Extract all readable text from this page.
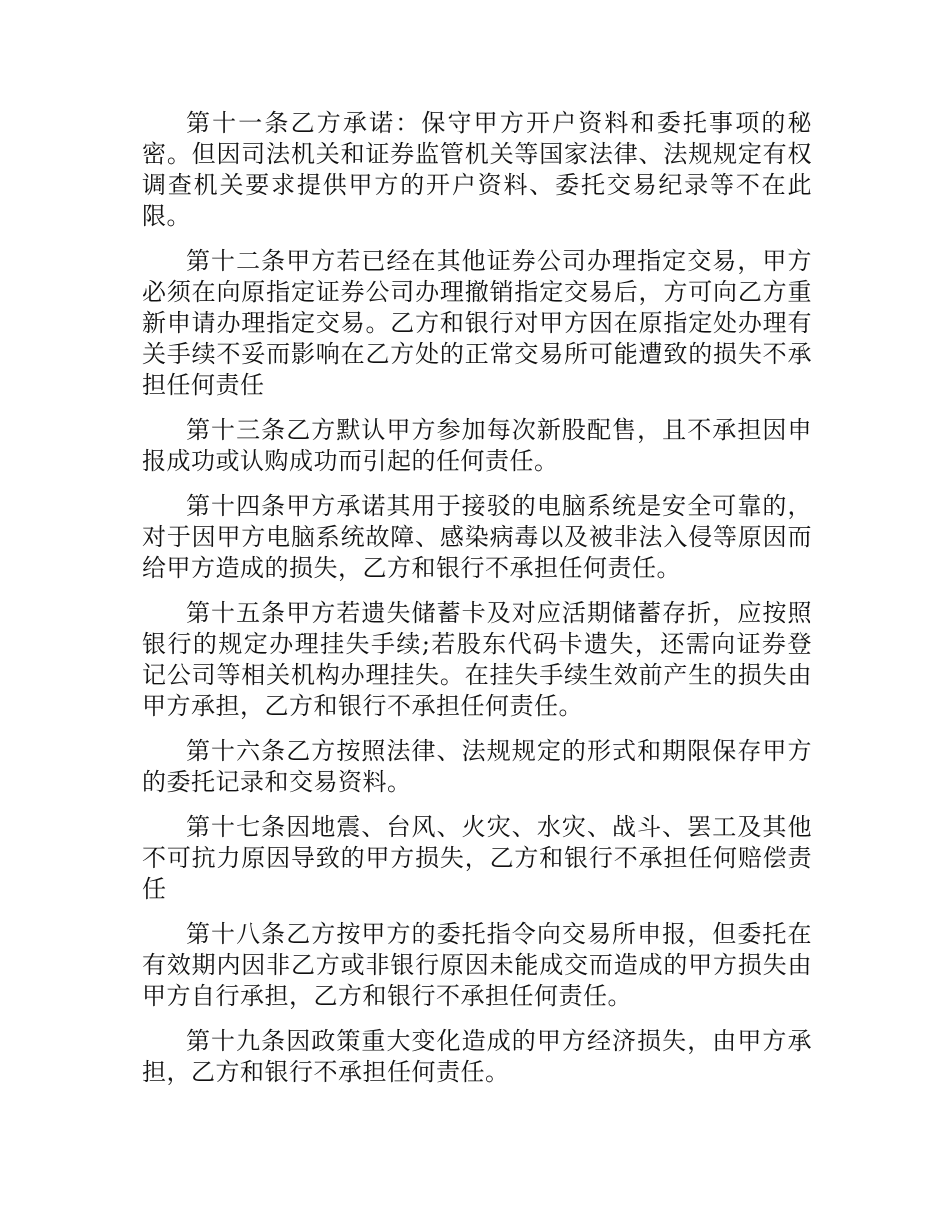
第十一条乙方承诺：保守甲方开户资料和委托事项的秘密。但因司法机关和证券监管机关等国家法律、法规规定有权调查机关要求提供甲方的开户资料、委托交易纪录等不在此限。

第十二条甲方若已经在其他证券公司办理指定交易，甲方必须在向原指定证券公司办理撤销指定交易后，方可向乙方重新申请办理指定交易。乙方和银行对甲方因在原指定处办理有关手续不妥而影响在乙方处的正常交易所可能遭致的损失不承担任何责任

第十三条乙方默认甲方参加每次新股配售，且不承担因申报成功或认购成功而引起的任何责任。

第十四条甲方承诺其用于接驳的电脑系统是安全可靠的，对于因甲方电脑系统故障、感染病毒以及被非法入侵等原因而给甲方造成的损失，乙方和银行不承担任何责任。

第十五条甲方若遗失储蓄卡及对应活期储蓄存折，应按照银行的规定办理挂失手续;若股东代码卡遗失，还需向证券登记公司等相关机构办理挂失。在挂失手续生效前产生的损失由甲方承担，乙方和银行不承担任何责任。

第十六条乙方按照法律、法规规定的形式和期限保存甲方的委托记录和交易资料。

第十七条因地震、台风、火灾、水灾、战斗、罢工及其他不可抗力原因导致的甲方损失，乙方和银行不承担任何赔偿责任

第十八条乙方按甲方的委托指令向交易所申报，但委托在有效期内因非乙方或非银行原因未能成交而造成的甲方损失由甲方自行承担，乙方和银行不承担任何责任。

第十九条因政策重大变化造成的甲方经济损失，由甲方承担，乙方和银行不承担任何责任。
